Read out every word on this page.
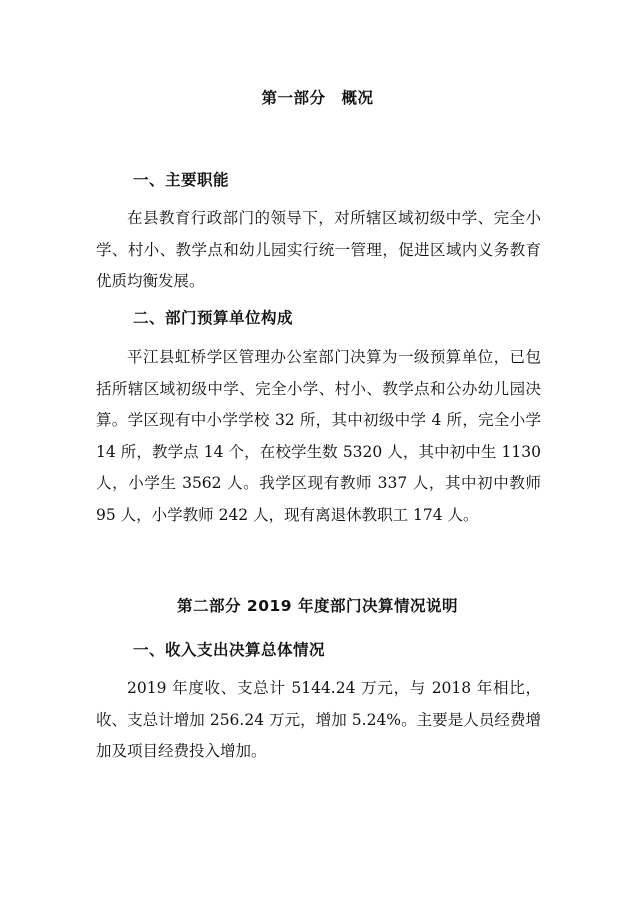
第一部分　概况
一、主要职能

在县教育行政部门的领导下，对所辖区域初级中学、完全小学、村小、教学点和幼儿园实行统一管理，促进区域内义务教育优质均衡发展。

二、部门预算单位构成

平江县虹桥学区管理办公室部门决算为一级预算单位，已包括所辖区域初级中学、完全小学、村小、教学点和公办幼儿园决算。学区现有中小学学校 32 所，其中初级中学 4 所，完全小学 14 所，教学点 14 个，在校学生数 5320 人，其中初中生 1130 人，小学生 3562 人。我学区现有教师 337 人，其中初中教师 95 人，小学教师 242 人，现有离退休教职工 174 人。

第二部分 2019 年度部门决算情况说明
一、收入支出决算总体情况

2019 年度收、支总计 5144.24 万元，与 2018 年相比，收、支总计增加 256.24 万元，增加 5.24%。主要是人员经费增加及项目经费投入增加。
